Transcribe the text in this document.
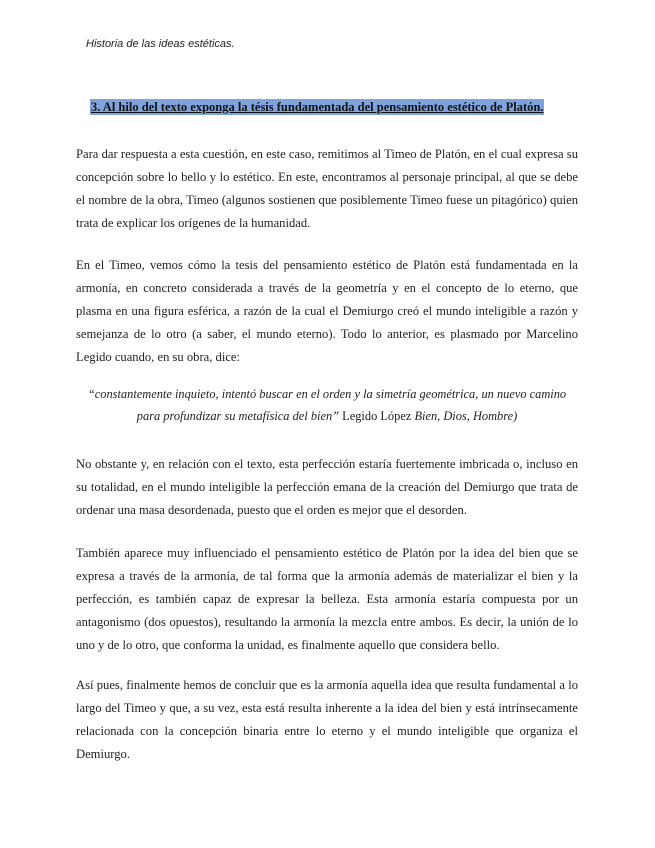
Historia de las ideas estéticas.
3. Al hilo del texto exponga la tésis fundamentada del pensamiento estético de Platón.

Para dar respuesta a esta cuestión, en este caso, remitimos al Timeo de Platón, en el cual expresa su concepción sobre lo bello y lo estético. En este, encontramos al personaje principal, al que se debe el nombre de la obra, Timeo (algunos sostienen que posiblemente Timeo fuese un pitagórico) quien trata de explicar los orígenes de la humanidad.

En el Timeo, vemos cómo la tesis del pensamiento estético de Platón está fundamentada en la armonía, en concreto considerada a través de la geometría y en el concepto de lo eterno, que plasma en una figura esférica, a razón de la cual el Demiurgo creó el mundo inteligible a razón y semejanza de lo otro (a saber, el mundo eterno). Todo lo anterior, es plasmado por Marcelino Legido cuando, en su obra, dice:

“constantemente inquieto, intentó buscar en el orden y la simetría geométrica, un nuevo camino para profundizar su metafísica del bien” Legido López Bien, Dios, Hombre)

No obstante y, en relación con el texto, esta perfección estaría fuertemente imbricada o, incluso en su totalidad, en el mundo inteligible la perfección emana de la creación del Demiurgo que trata de ordenar una masa desordenada, puesto que el orden es mejor que el desorden.

También aparece muy influenciado el pensamiento estético de Platón por la idea del bien que se expresa a través de la armonía, de tal forma que la armonía además de materializar el bien y la perfección, es también capaz de expresar la belleza. Esta armonía estaría compuesta por un antagonismo (dos opuestos), resultando la armonía la mezcla entre ambos. Es decir, la unión de lo uno y de lo otro, que conforma la unidad, es finalmente aquello que considera bello.

Así pues, finalmente hemos de concluir que es la armonía aquella idea que resulta fundamental a lo largo del Timeo y que, a su vez, esta está resulta inherente a la idea del bien y está intrínsecamente relacionada con la concepción binaria entre lo eterno y el mundo inteligible que organiza el Demiurgo.
